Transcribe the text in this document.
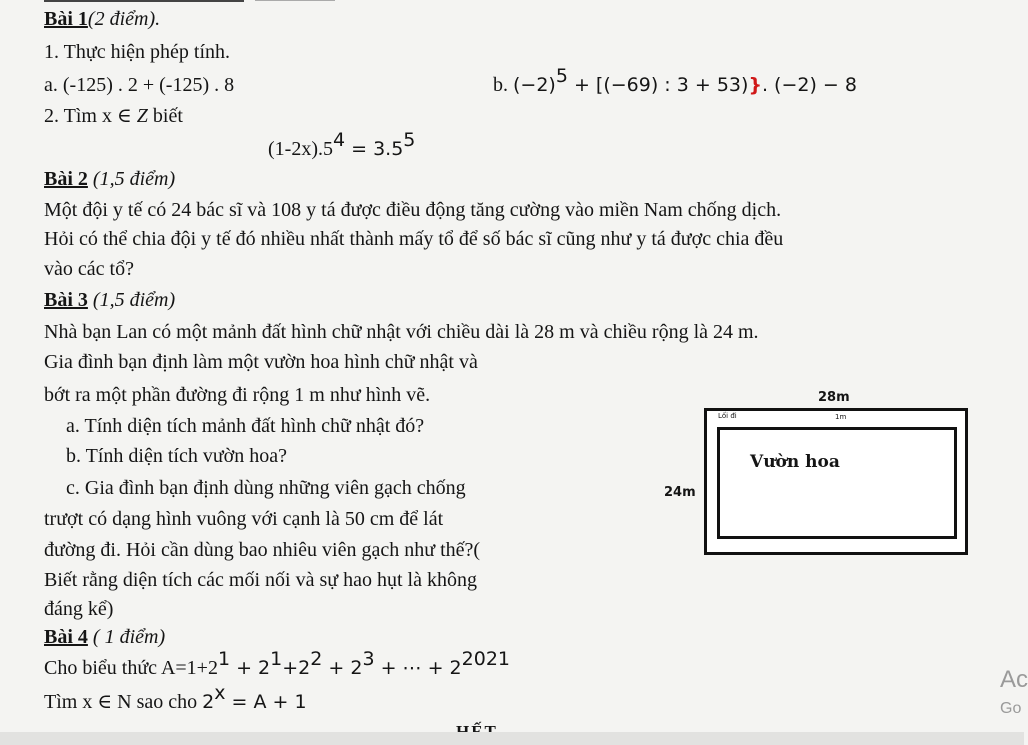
Bài 1(2 điểm).
1. Thực hiện phép tính.
a. (-125) . 2 + (-125) . 8	b. $(-2)^5 + [(-69)$ : 3 + 53)}. (−2) − 8
2. Tìm x ∈ Z biết
$(1-2x).5^4 = 3.5^5$
Bài 2 (1,5 điểm)
Một đội y tế có 24 bác sĩ và 108 y tá được điều động tăng cường vào miền Nam chống dịch.
Hỏi có thể chia đội y tế đó nhiều nhất thành mấy tổ để số bác sĩ cũng như y tá được chia đều
vào các tổ?
Bài 3 (1,5 điểm)
Nhà bạn Lan có một mảnh đất hình chữ nhật với chiều dài là 28 m và chiều rộng là 24 m.
Gia đình bạn định làm một vườn hoa hình chữ nhật và
bớt ra một phần đường đi rộng 1 m như hình vẽ.
a. Tính diện tích mảnh đất hình chữ nhật đó?
b. Tính diện tích vườn hoa?
c. Gia đình bạn định dùng những viên gạch chống
trượt có dạng hình vuông với cạnh là 50 cm để lát
đường đi. Hỏi cần dùng bao nhiêu viên gạch như thế?(
Biết rằng diện tích các mối nối và sự hao hụt là không
đáng kể)
28m
24m
Lối đi	1m
Vườn hoa
Bài 4 ( 1 điểm)
Cho biểu thức $A=1+2^1 + 2^1+2^2 + 2^3$ + ⋯ + $2^{2021}$
Tìm x ∈ N sao cho $2^x = A + 1$
Ac
Go
